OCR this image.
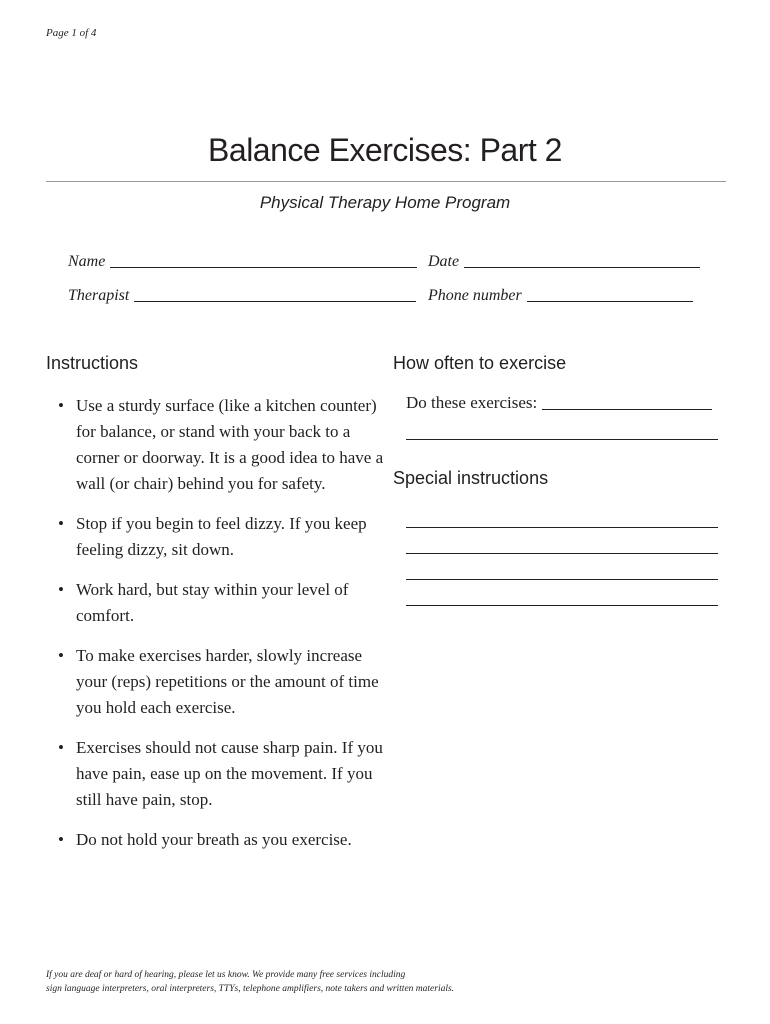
Page 1 of 4
Balance Exercises: Part 2
Physical Therapy Home Program
Name	Date
Therapist	Phone number
Instructions
• Use a sturdy surface (like a kitchen counter) for balance, or stand with your back to a corner or doorway. It is a good idea to have a wall (or chair) behind you for safety.
• Stop if you begin to feel dizzy. If you keep feeling dizzy, sit down.
• Work hard, but stay within your level of comfort.
• To make exercises harder, slowly increase your (reps) repetitions or the amount of time you hold each exercise.
• Exercises should not cause sharp pain. If you have pain, ease up on the movement. If you still have pain, stop.
• Do not hold your breath as you exercise.
How often to exercise
Do these exercises:
Special instructions
If you are deaf or hard of hearing, please let us know. We provide many free services including
sign language interpreters, oral interpreters, TTYs, telephone amplifiers, note takers and written materials.
